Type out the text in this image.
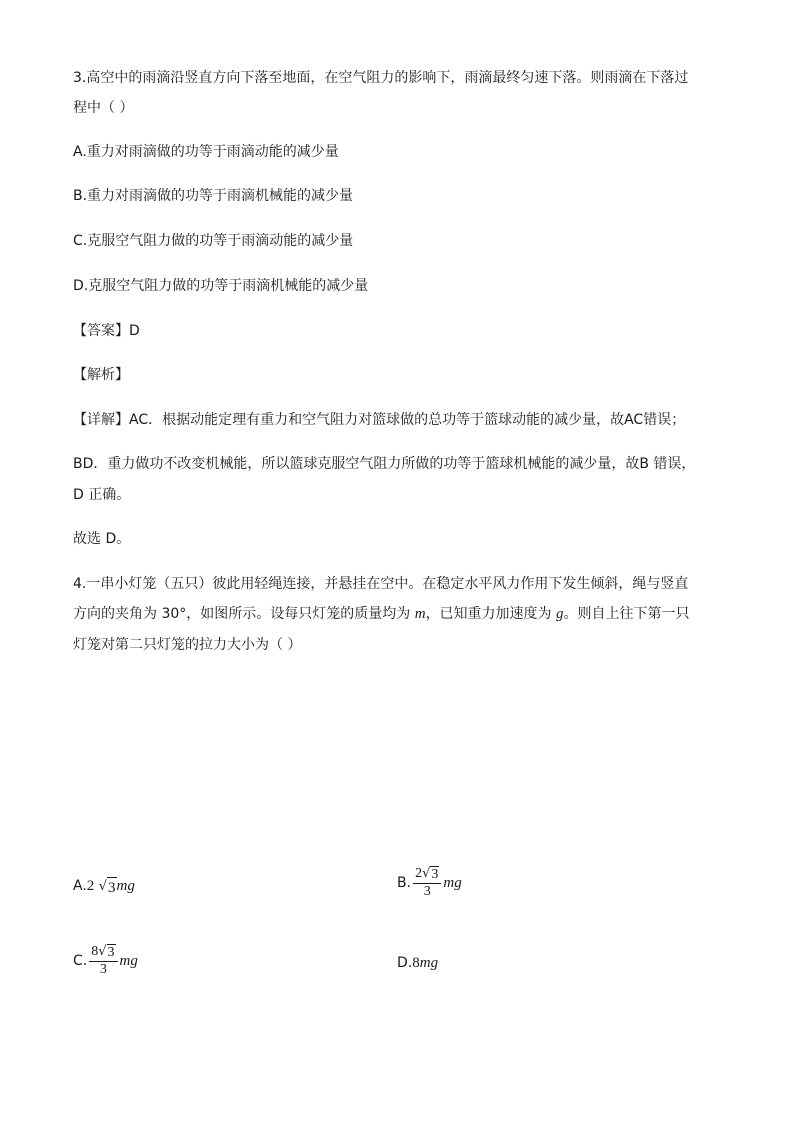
3.高空中的雨滴沿竖直方向下落至地面，在空气阻力的影响下，雨滴最终匀速下落。则雨滴在下落过
程中（ ）
A.重力对雨滴做的功等于雨滴动能的减少量
B.重力对雨滴做的功等于雨滴机械能的减少量
C.克服空气阻力做的功等于雨滴动能的减少量
D.克服空气阻力做的功等于雨滴机械能的减少量
【答案】D
【解析】
【详解】AC．根据动能定理有重力和空气阻力对篮球做的总功等于篮球动能的减少量，故AC错误；
BD．重力做功不改变机械能，所以篮球克服空气阻力所做的功等于篮球机械能的减少量，故B 错误，
D 正确。
故选 D。
4.一串小灯笼（五只）彼此用轻绳连接，并悬挂在空中。在稳定水平风力作用下发生倾斜，绳与竖直
方向的夹角为 30°，如图所示。设每只灯笼的质量均为 m，已知重力加速度为 g。则自上往下第一只
灯笼对第二只灯笼的拉力大小为（ ）
A.2 √ 3 mg	B. $\frac{2 √ 3}{3}$ mg
C. $\frac{8 √ 3}{3}$ mg	D.8mg
